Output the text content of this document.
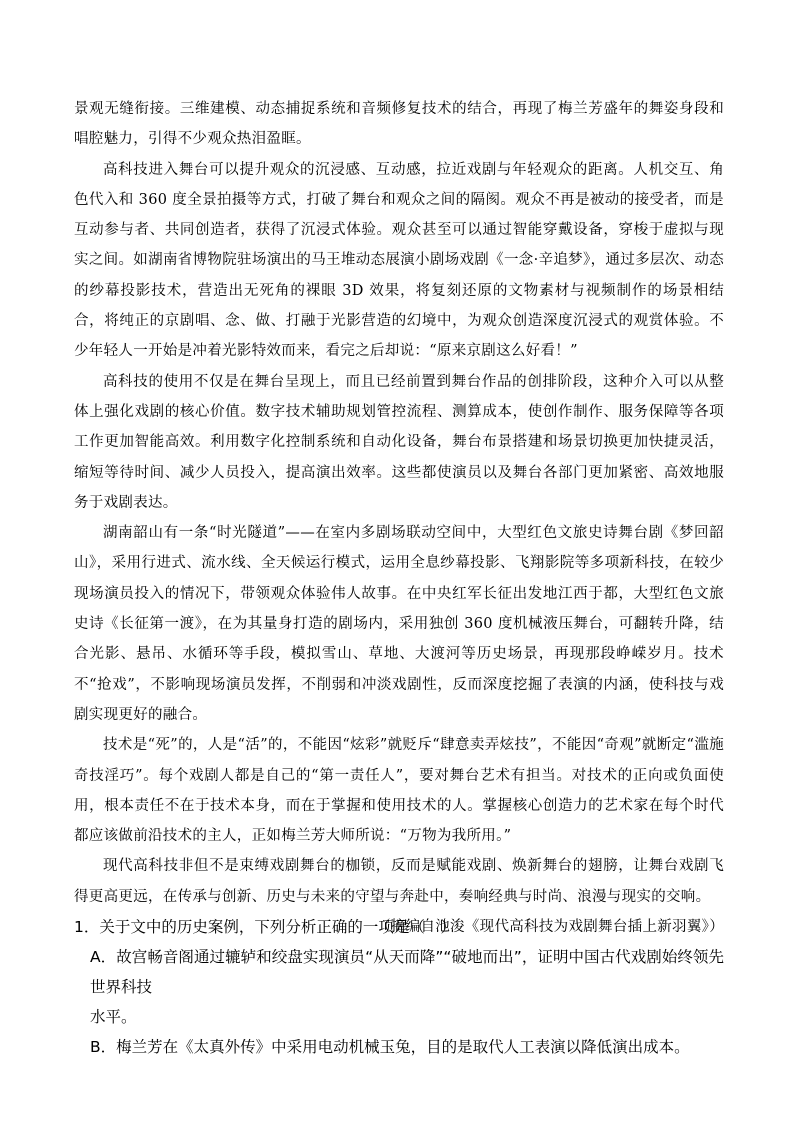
景观无缝衔接。三维建模、动态捕捉系统和音频修复技术的结合，再现了梅兰芳盛年的舞姿身段和唱腔魅力，引得不少观众热泪盈眶。

高科技进入舞台可以提升观众的沉浸感、互动感，拉近戏剧与年轻观众的距离。人机交互、角色代入和 360 度全景拍摄等方式，打破了舞台和观众之间的隔阂。观众不再是被动的接受者，而是互动参与者、共同创造者，获得了沉浸式体验。观众甚至可以通过智能穿戴设备，穿梭于虚拟与现实之间。如湖南省博物院驻场演出的马王堆动态展演小剧场戏剧《一念·辛追梦》，通过多层次、动态的纱幕投影技术，营造出无死角的裸眼 3D 效果，将复刻还原的文物素材与视频制作的场景相结合，将纯正的京剧唱、念、做、打融于光影营造的幻境中，为观众创造深度沉浸式的观赏体验。不少年轻人一开始是冲着光影特效而来，看完之后却说：“原来京剧这么好看！”

高科技的使用不仅是在舞台呈现上，而且已经前置到舞台作品的创排阶段，这种介入可以从整体上强化戏剧的核心价值。数字技术辅助规划管控流程、测算成本，使创作制作、服务保障等各项工作更加智能高效。利用数字化控制系统和自动化设备，舞台布景搭建和场景切换更加快捷灵活，缩短等待时间、减少人员投入，提高演出效率。这些都使演员以及舞台各部门更加紧密、高效地服务于戏剧表达。

湖南韶山有一条“时光隧道”——在室内多剧场联动空间中，大型红色文旅史诗舞台剧《梦回韶山》，采用行进式、流水线、全天候运行模式，运用全息纱幕投影、飞翔影院等多项新科技，在较少现场演员投入的情况下，带领观众体验伟人故事。在中央红军长征出发地江西于都，大型红色文旅史诗《长征第一渡》，在为其量身打造的剧场内，采用独创 360 度机械液压舞台，可翻转升降，结合光影、悬吊、水循环等手段，模拟雪山、草地、大渡河等历史场景，再现那段峥嵘岁月。技术不“抢戏”，不影响现场演员发挥，不削弱和冲淡戏剧性，反而深度挖掘了表演的内涵，使科技与戏剧实现更好的融合。

技术是“死”的，人是“活”的，不能因“炫彩”就贬斥“肆意卖弄炫技”，不能因“奇观”就断定“滥施奇技淫巧”。每个戏剧人都是自己的“第一责任人”，要对舞台艺术有担当。对技术的正向或负面使用，根本责任不在于技术本身，而在于掌握和使用技术的人。掌握核心创造力的艺术家在每个时代都应该做前沿技术的主人，正如梅兰芳大师所说：“万物为我所用。”

现代高科技非但不是束缚戏剧舞台的枷锁，反而是赋能戏剧、焕新舞台的翅膀，让舞台戏剧飞得更高更远，在传承与创新、历史与未来的守望与奔赴中，奏响经典与时尚、浪漫与现实的交响。

（摘编自池浚《现代高科技为戏剧舞台插上新羽翼》）

1．关于文中的历史案例，下列分析正确的一项是（　）

A．故宫畅音阁通过辘轳和绞盘实现演员“从天而降”“破地而出”，证明中国古代戏剧始终领先世界科技

水平。

B．梅兰芳在《太真外传》中采用电动机械玉兔，目的是取代人工表演以降低演出成本。
